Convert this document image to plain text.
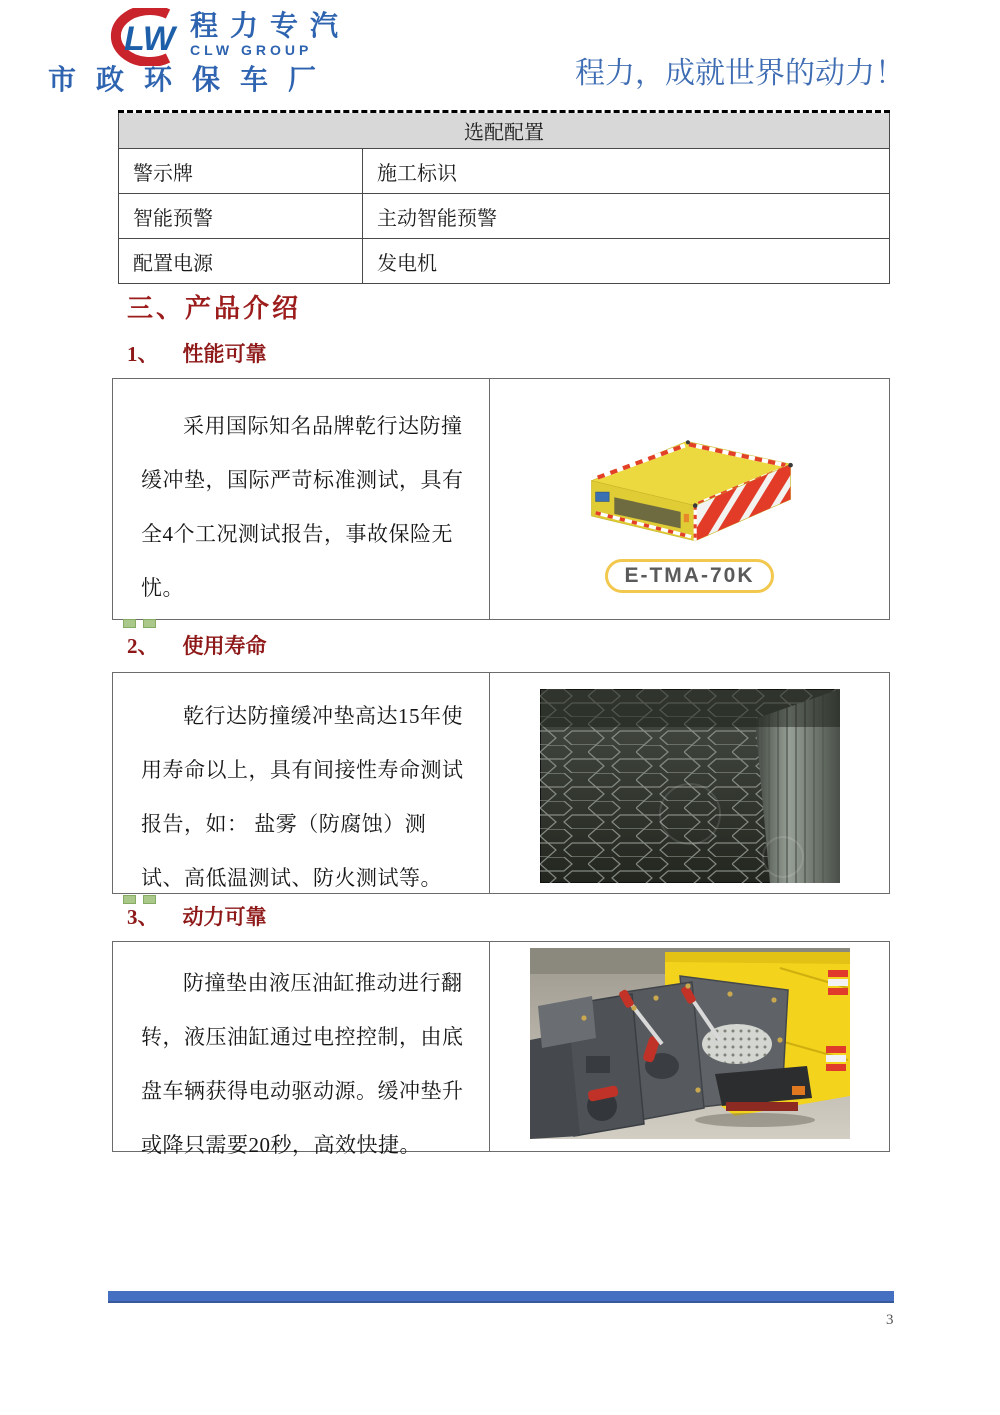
LW 程力专汽
CLW GROUP
市政环保车厂	程力，成就世界的动力！
选配配置	
警示牌	施工标识
智能预警	主动智能预警
配置电源	发电机
三、产品介绍
1、 性能可靠

采用国际知名品牌乾行达防撞缓冲垫，国际严苛标准测试，具有全4个工况测试报告，事故保险无忧。

E-TMA-70K
2、 使用寿命

乾行达防撞缓冲垫高达15年使用寿命以上，具有间接性寿命测试报告，如： 盐雾（防腐蚀）测试、高低温测试、防火测试等。

3、 动力可靠

防撞垫由液压油缸推动进行翻转，液压油缸通过电控控制，由底盘车辆获得电动驱动源。缓冲垫升或降只需要20秒，高效快捷。

3
